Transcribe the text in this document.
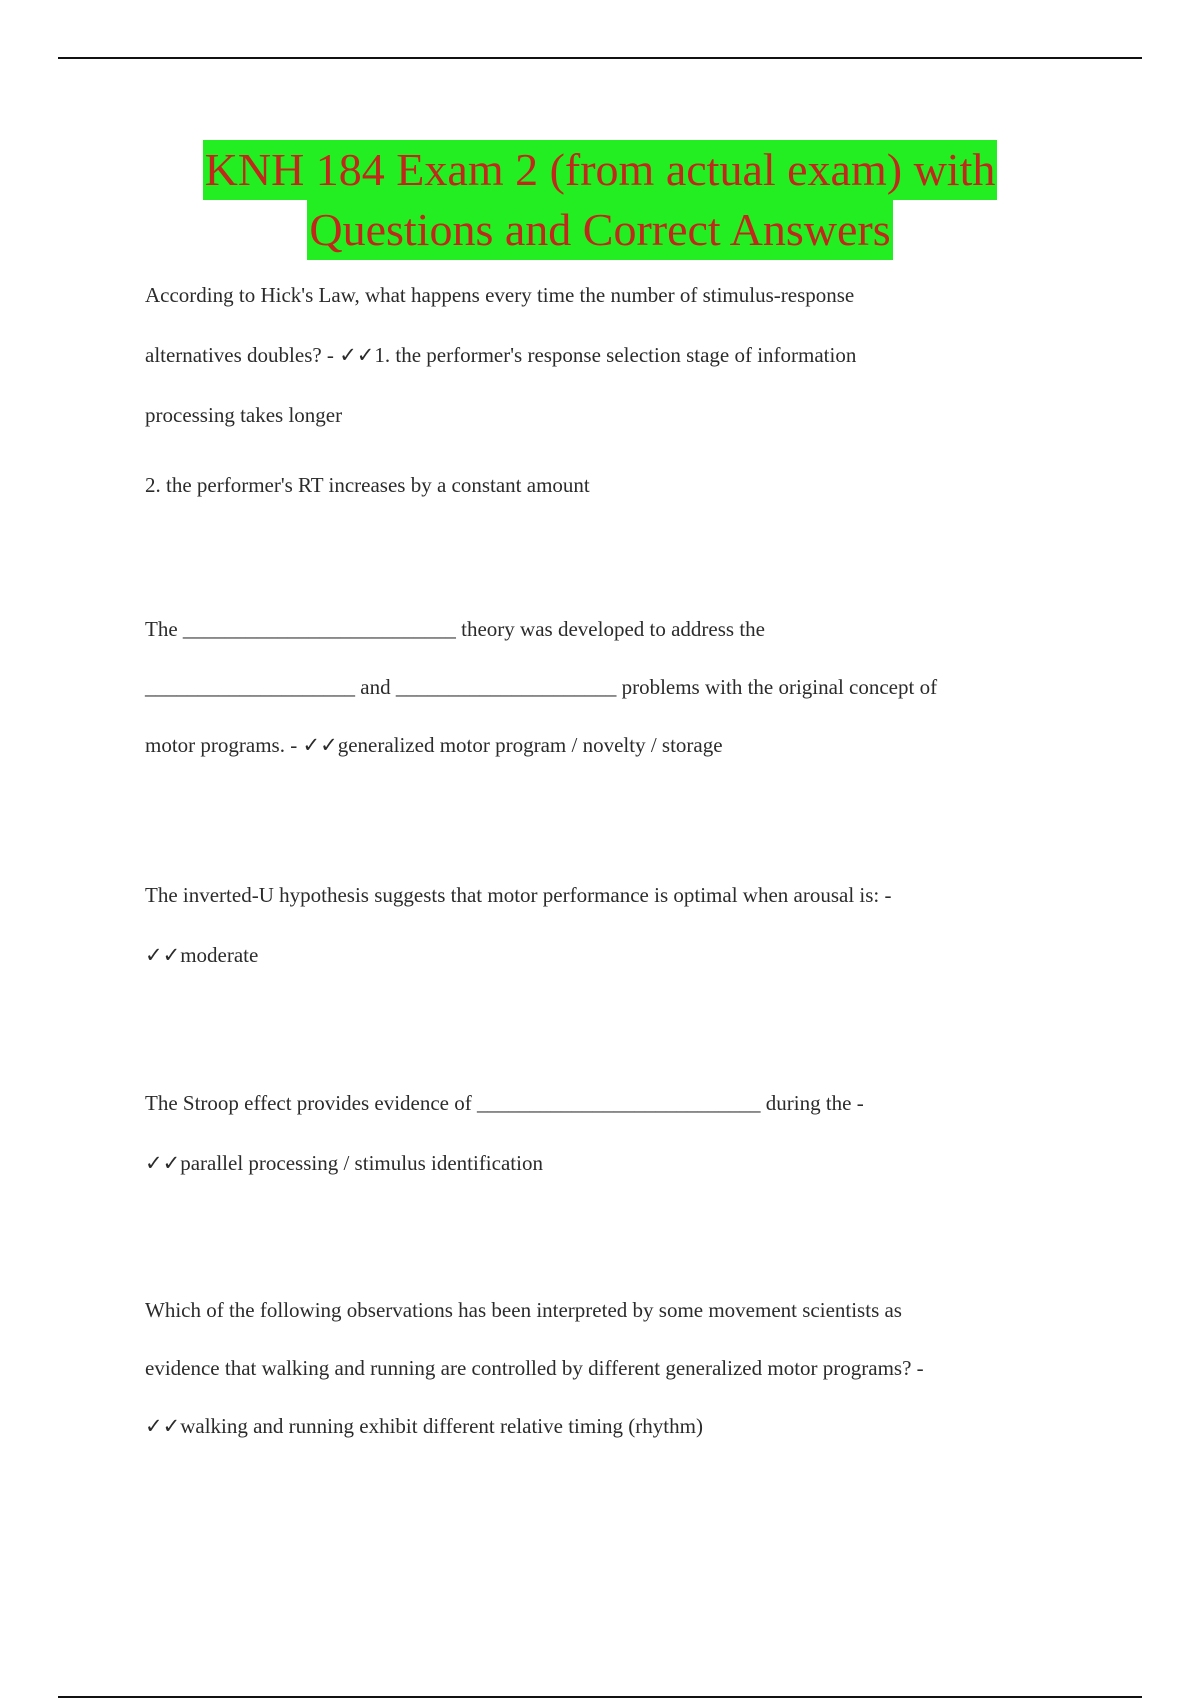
KNH 184 Exam 2 (from actual exam) with
Questions and Correct Answers

According to Hick's Law, what happens every time the number of stimulus-response

alternatives doubles? - ✓✓1. the performer's response selection stage of information

processing takes longer

2. the performer's RT increases by a constant amount

The __________________________ theory was developed to address the

____________________ and _____________________ problems with the original concept of

motor programs. - ✓✓generalized motor program / novelty / storage

The inverted-U hypothesis suggests that motor performance is optimal when arousal is: -

✓✓moderate

The Stroop effect provides evidence of ___________________________ during the -

✓✓parallel processing / stimulus identification

Which of the following observations has been interpreted by some movement scientists as

evidence that walking and running are controlled by different generalized motor programs? -

✓✓walking and running exhibit different relative timing (rhythm)
